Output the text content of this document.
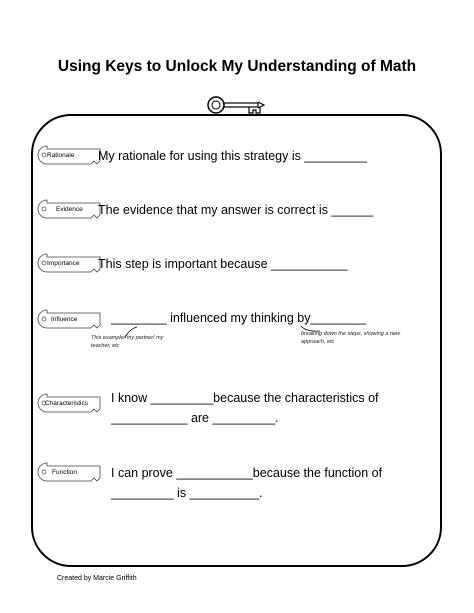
Using Keys to Unlock My Understanding of Math
Rationale My rationale for using this strategy is _________
Evidence The evidence that my answer is correct is ______
Importance This step is important because ___________
Influence	________ influenced my thinking by________
This example/ my partner/ my teacher, etc
breaking down the steps, showing a new approach, etc
Characteristics I know _________because the characteristics of
___________ are _________.
Function	I can prove ___________because the function of
_________ is __________.
Created by Marcie Griffith
